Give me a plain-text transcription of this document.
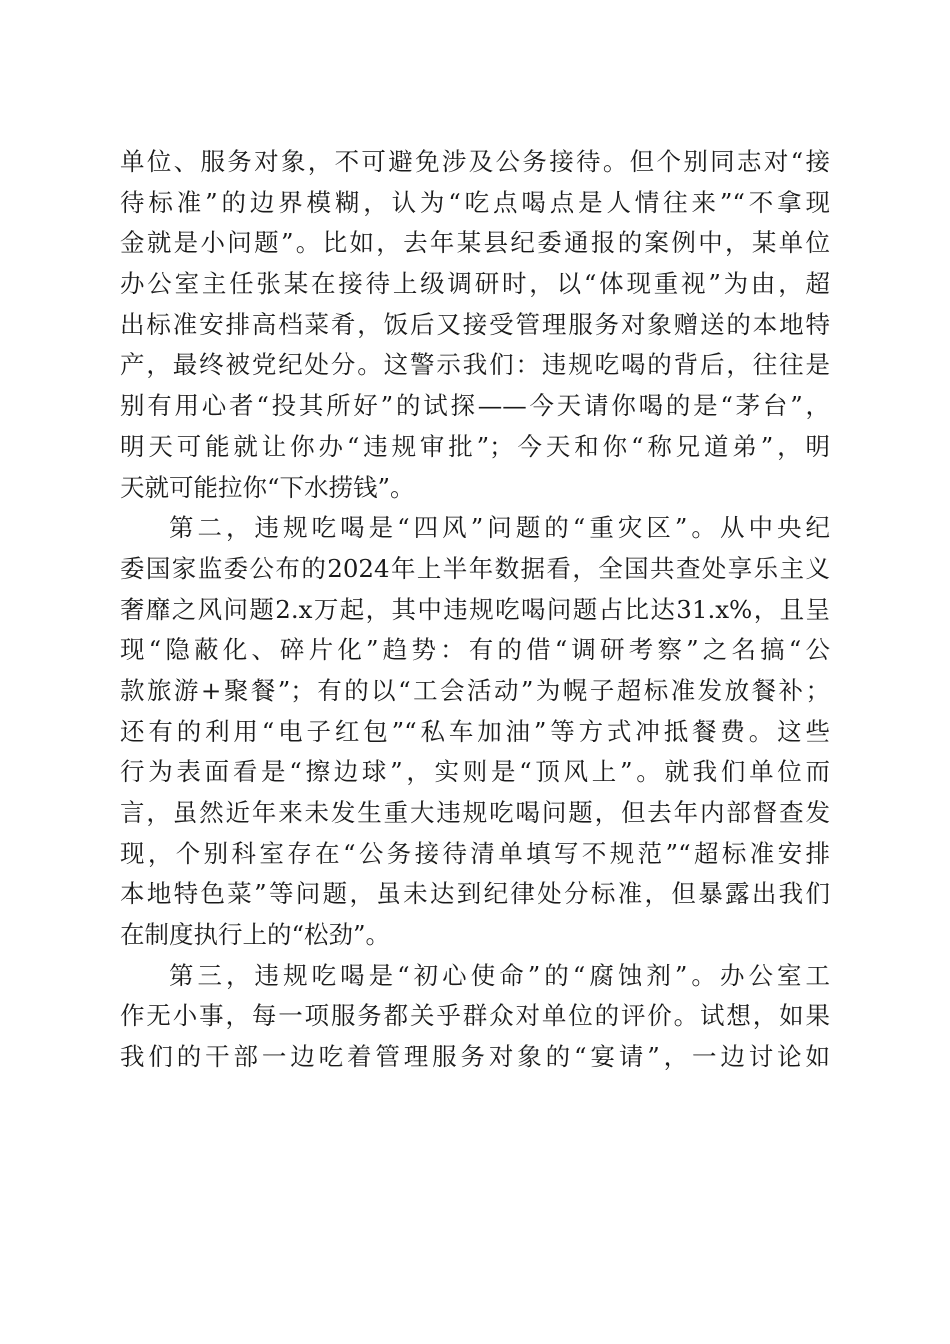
单位、服务对象，不可避免涉及公务接待。但个别同志对“接
待标准”的边界模糊，认为“吃点喝点是人情往来”“不拿现
金就是小问题”。比如，去年某县纪委通报的案例中，某单位
办公室主任张某在接待上级调研时，以“体现重视”为由，超
出标准安排高档菜肴，饭后又接受管理服务对象赠送的本地特
产，最终被党纪处分。这警示我们：违规吃喝的背后，往往是
别有用心者“投其所好”的试探——今天请你喝的是“茅台”，
明天可能就让你办“违规审批”；今天和你“称兄道弟”，明
天就可能拉你“下水捞钱”。
第二，违规吃喝是“四风”问题的“重灾区”。从中央纪
委国家监委公布的2024年上半年数据看，全国共查处享乐主义
奢靡之风问题2.x万起，其中违规吃喝问题占比达31.x%，且呈
现“隐蔽化、碎片化”趋势：有的借“调研考察”之名搞“公
款旅游+聚餐”；有的以“工会活动”为幌子超标准发放餐补；
还有的利用“电子红包”“私车加油”等方式冲抵餐费。这些
行为表面看是“擦边球”，实则是“顶风上”。就我们单位而
言，虽然近年来未发生重大违规吃喝问题，但去年内部督查发
现，个别科室存在“公务接待清单填写不规范”“超标准安排
本地特色菜”等问题，虽未达到纪律处分标准，但暴露出我们
在制度执行上的“松劲”。
第三，违规吃喝是“初心使命”的“腐蚀剂”。办公室工
作无小事，每一项服务都关乎群众对单位的评价。试想，如果
我们的干部一边吃着管理服务对象的“宴请”，一边讨论如
